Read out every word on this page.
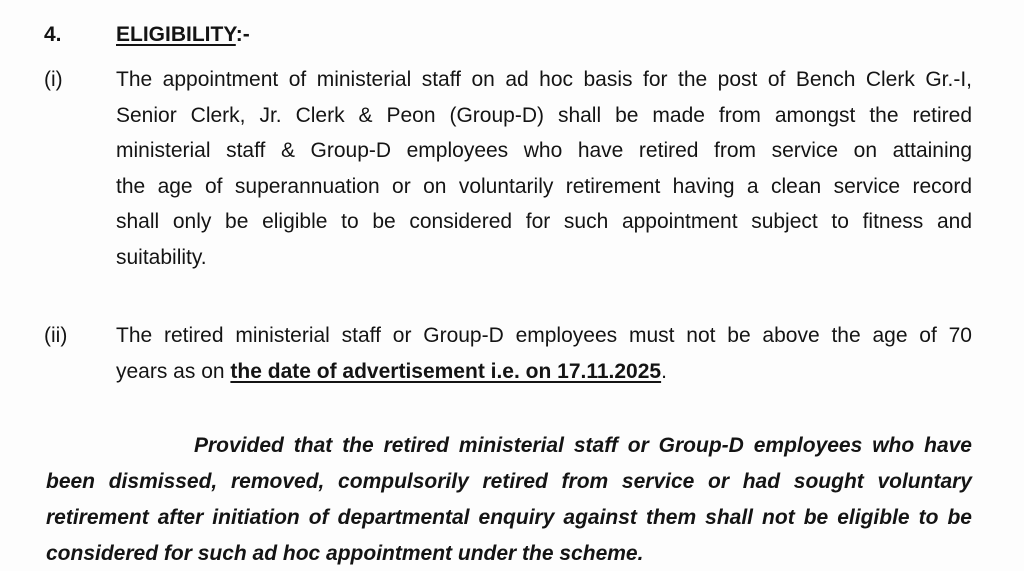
4.	ELIGIBILITY:-
(i)	The appointment of ministerial staff on ad hoc basis for the post of Bench Clerk Gr.-I,
Senior Clerk, Jr. Clerk & Peon (Group-D) shall be made from amongst the retired
ministerial staff & Group-D employees who have retired from service on attaining
the age of superannuation or on voluntarily retirement having a clean service record
shall only be eligible to be considered for such appointment subject to fitness and
suitability.

(ii) The retired ministerial staff or Group-D employees must not be above the age of 70
years as on the date of advertisement i.e. on 17.11.2025.

Provided that the retired ministerial staff or Group-D employees who have
been dismissed, removed, compulsorily retired from service or had sought voluntary
retirement after initiation of departmental enquiry against them shall not be eligible to be
considered for such ad hoc appointment under the scheme.
